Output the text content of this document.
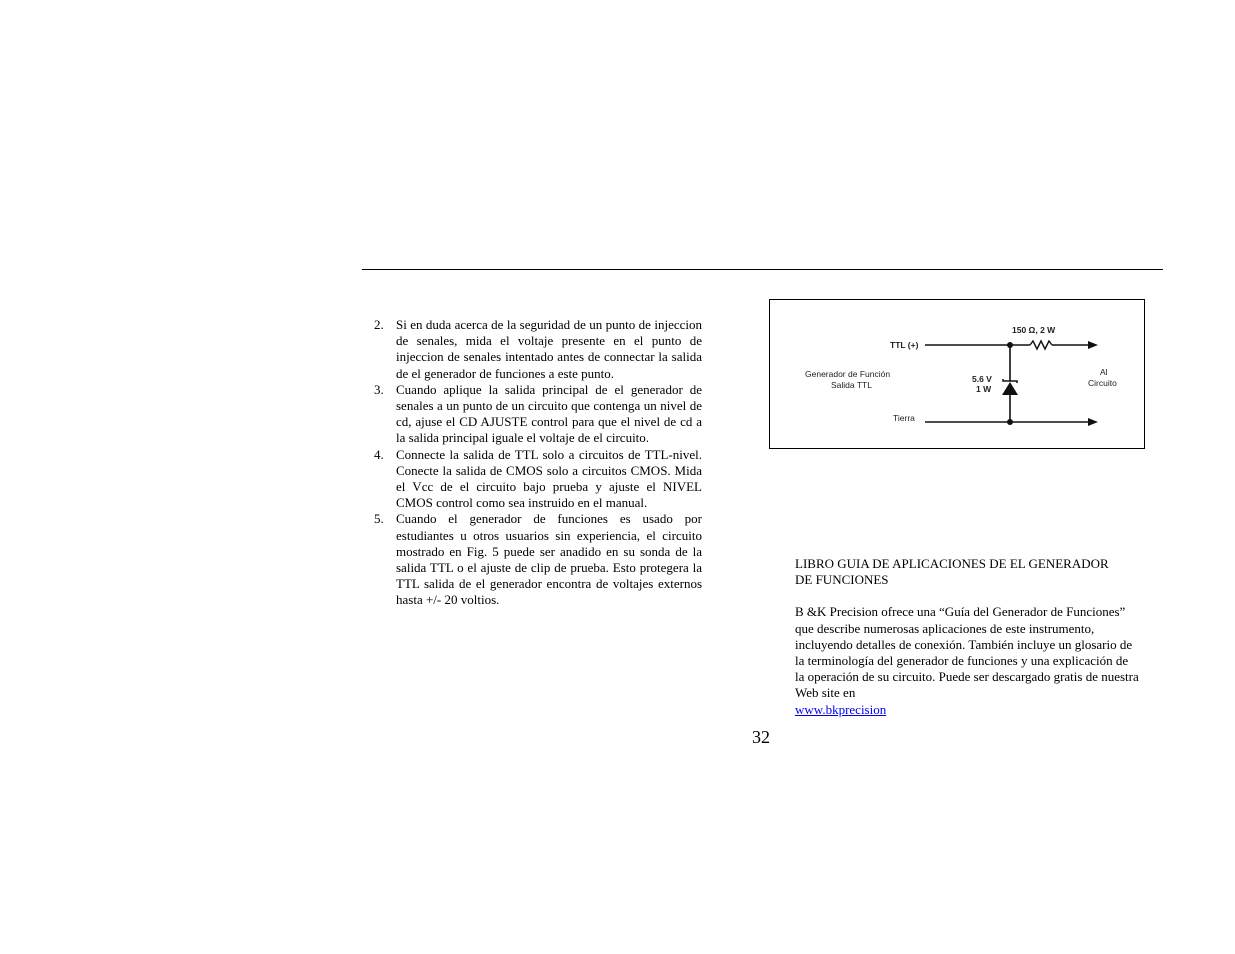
2. Si en duda acerca de la seguridad de un punto de injeccion de senales, mida el voltaje presente en el punto de injeccion de senales intentado antes de connectar la salida de el generador de funciones a este punto.
3. Cuando aplique la salida principal de el generador de senales a un punto de un circuito que contenga un nivel de cd, ajuse el CD AJUSTE control para que el nivel de cd a la salida principal iguale el voltaje de el circuito.
4. Connecte la salida de TTL solo a circuitos de TTL-nivel. Conecte la salida de CMOS solo a circuitos CMOS. Mida el Vcc de el circuito bajo prueba y ajuste el NIVEL CMOS control como sea instruido en el manual.
5. Cuando el generador de funciones es usado por estudiantes u otros usuarios sin experiencia, el circuito mostrado en Fig. 5 puede ser anadido en su sonda de la salida TTL o el ajuste de clip de prueba. Esto protegera la TTL salida de el generador encontra de voltajes externos hasta +/- 20 voltios.
TTL (+)
150 Ω, 2 W
Generador de Función
Salida TTL
5.6 V
1 W
Al
Circuito
Tierra

LIBRO GUIA DE APLICACIONES DE EL GENERADOR

DE FUNCIONES

B &K Precision ofrece una “Guía del Generador de Funciones” que describe numerosas aplicaciones de este instrumento, incluyendo detalles de conexión. También incluye un glosario de la terminología del generador de funciones y una explicación de la operación de su circuito. Puede ser descargado gratis de nuestra Web site en

www.bkprecision

32
